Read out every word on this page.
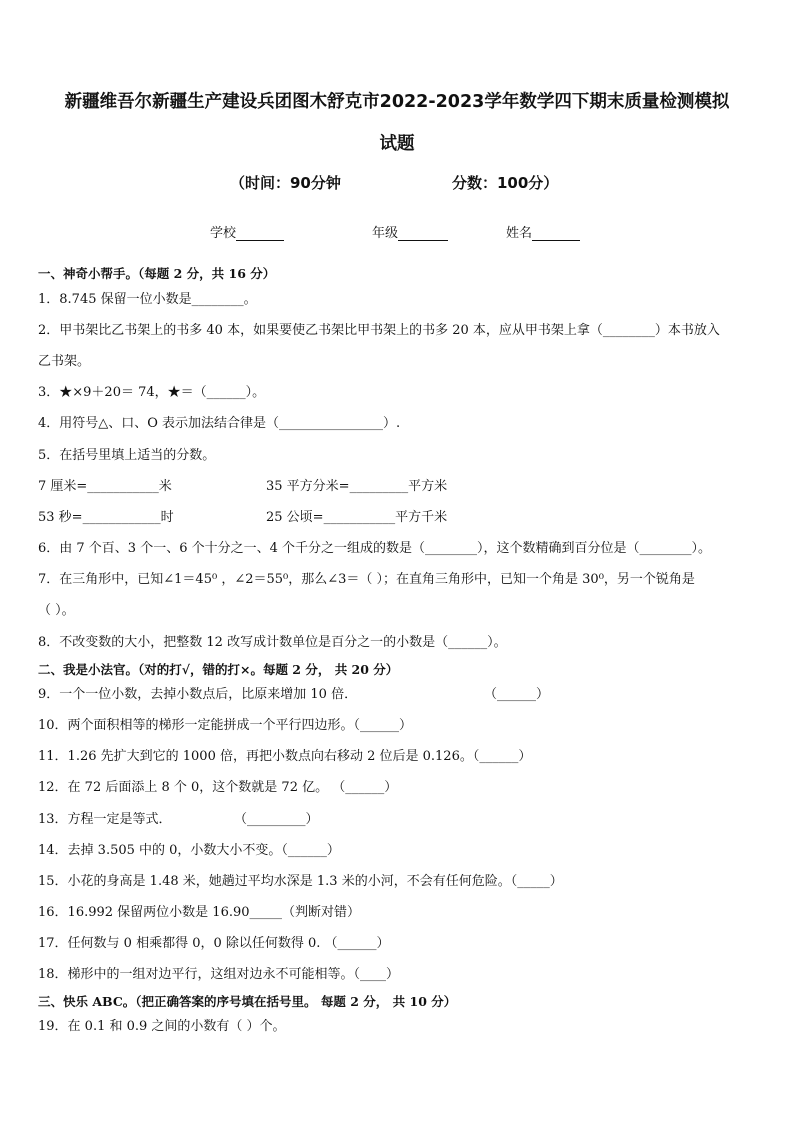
新疆维吾尔新疆生产建设兵团图木舒克市2022-2023学年数学四下期末质量检测模拟
试题
（时间：90分钟	分数：100分）
学校	年级	姓名
一、神奇小帮手。（每题 2 分，共 16 分）
1．8.745 保留一位小数是________。
2．甲书架比乙书架上的书多 40 本，如果要使乙书架比甲书架上的书多 20 本，应从甲书架上拿（________）本书放入
乙书架。
3．★×9＋20＝ 74，★＝（______）。
4．用符号△、口、O 表示加法结合律是（________________）.
5．在括号里填上适当的分数。
7 厘米=___________米	35 平方分米=_________平方米
53 秒=____________时	25 公顷=___________平方千米
6．由 7 个百、3 个一、6 个十分之一、4 个千分之一组成的数是（________），这个数精确到百分位是（________）。
7．在三角形中，已知∠1＝45⁰ ，∠2＝55⁰，那么∠3＝（ ）；在直角三角形中，已知一个角是 30⁰，另一个锐角是
（ ）。
8．不改变数的大小，把整数 12 改写成计数单位是百分之一的小数是（______）。
二、我是小法官。（对的打√，错的打×。每题 2 分， 共 20 分）
9．一个一位小数，去掉小数点后，比原来增加 10 倍．	（______）
10．两个面积相等的梯形一定能拼成一个平行四边形。（______）
11．1.26 先扩大到它的 1000 倍，再把小数点向右移动 2 位后是 0.126。（______）
12．在 72 后面添上 8 个 0，这个数就是 72 亿。 （______）
13．方程一定是等式．	（_________）
14．去掉 3.505 中的 0，小数大小不变。（______）
15．小花的身高是 1.48 米，她趟过平均水深是 1.3 米的小河，不会有任何危险。（_____）
16．16.992 保留两位小数是 16.90_____（判断对错）
17．任何数与 0 相乘都得 0，0 除以任何数得 0. （______）
18．梯形中的一组对边平行，这组对边永不可能相等。（____）
三、快乐 ABC。（把正确答案的序号填在括号里。 每题 2 分， 共 10 分）
19．在 0.1 和 0.9 之间的小数有（ ）个。
